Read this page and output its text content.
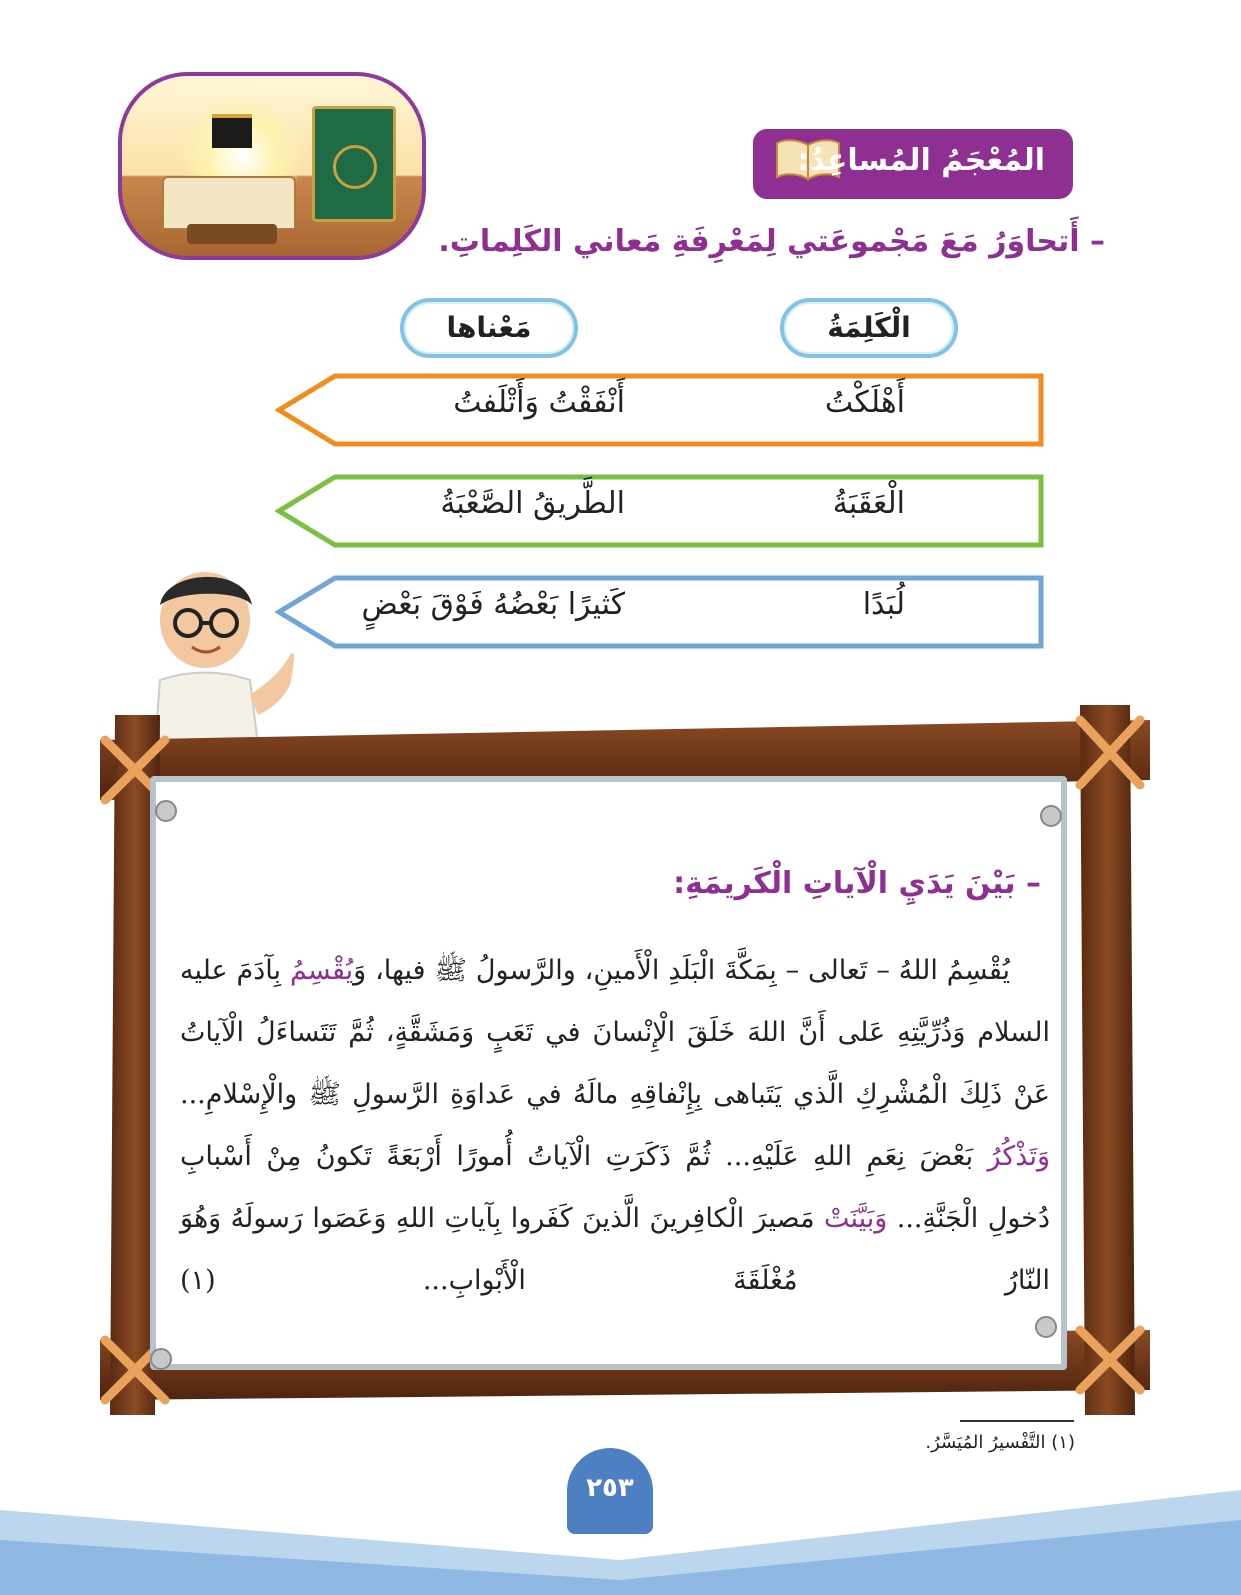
المُعْجَمُ المُساعِدُ:
– أَتحاوَرُ مَعَ مَجْموعَتي لِمَعْرِفَةِ مَعاني الكَلِماتِ.
الْكَلِمَةُ
مَعْناها
أَهْلَكْتُ
أَنْفَقْتُ وَأَتْلَفتُ
الْعَقَبَةُ
الطَّريقُ الصَّعْبَةُ
لُبَدًا
كَثيرًا بَعْضُهُ فَوْقَ بَعْضٍ
– بَيْنَ يَدَيِ الْآياتِ الْكَريمَةِ:

يُقْسِمُ اللهُ – تَعالى – بِمَكَّةَ الْبَلَدِ الْأَمينِ، والرَّسولُ ﷺ فيها، وَيُقْسِمُ بِآدَمَ عليه السلام وَذُرِّيَّتِهِ عَلى أَنَّ اللهَ خَلَقَ الْإِنْسانَ في تَعَبٍ وَمَشَقَّةٍ، ثُمَّ تَتَساءَلُ الْآياتُ عَنْ ذَلِكَ الْمُشْرِكِ الَّذي يَتَباهى بِإِنْفاقِهِ مالَهُ في عَداوَةِ الرَّسولِ ﷺ والْإِسْلامِ... وَتَذْكُرُ بَعْضَ نِعَمِ اللهِ عَلَيْهِ... ثُمَّ ذَكَرَتِ الْآياتُ أُمورًا أَرْبَعَةً تَكونُ مِنْ أَسْبابِ دُخولِ الْجَنَّةِ... وَبَيَّنَتْ مَصيرَ الْكافِرينَ الَّذينَ كَفَروا بِآياتِ اللهِ وَعَصَوا رَسولَهُ وَهُوَ النّارُ مُغْلَقَةَ الْأَبْوابِ... (١)

(١) التَّفْسيرُ المُيَسَّرُ.
٢٥٣
